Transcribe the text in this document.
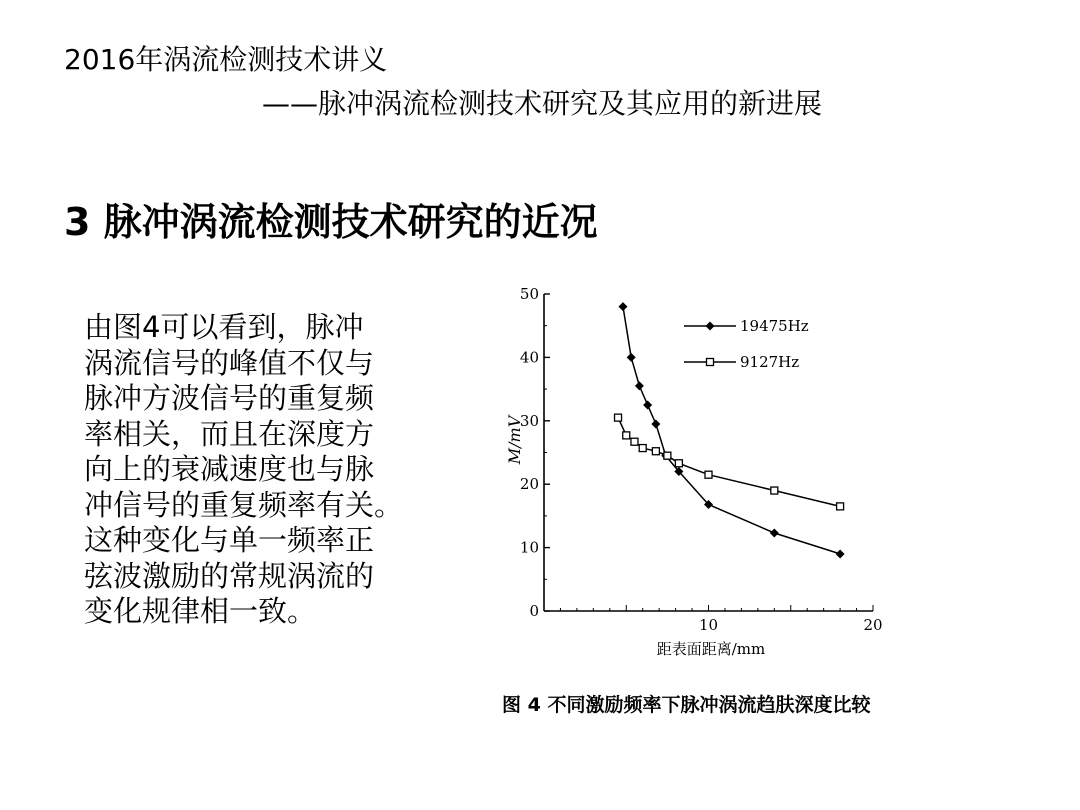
2016年涡流检测技术讲义
——脉冲涡流检测技术研究及其应用的新进展
3 脉冲涡流检测技术研究的近况
由图4可以看到，脉冲
涡流信号的峰值不仅与
脉冲方波信号的重复频
率相关，而且在深度方
向上的衰减速度也与脉
冲信号的重复频率有关。
这种变化与单一频率正
弦波激励的常规涡流的
变化规律相一致。	0
10
20
30
40
50
10	20
距表面距离/mm
M/mV
19475Hz
9127Hz
图 4 不同激励频率下脉冲涡流趋肤深度比较
